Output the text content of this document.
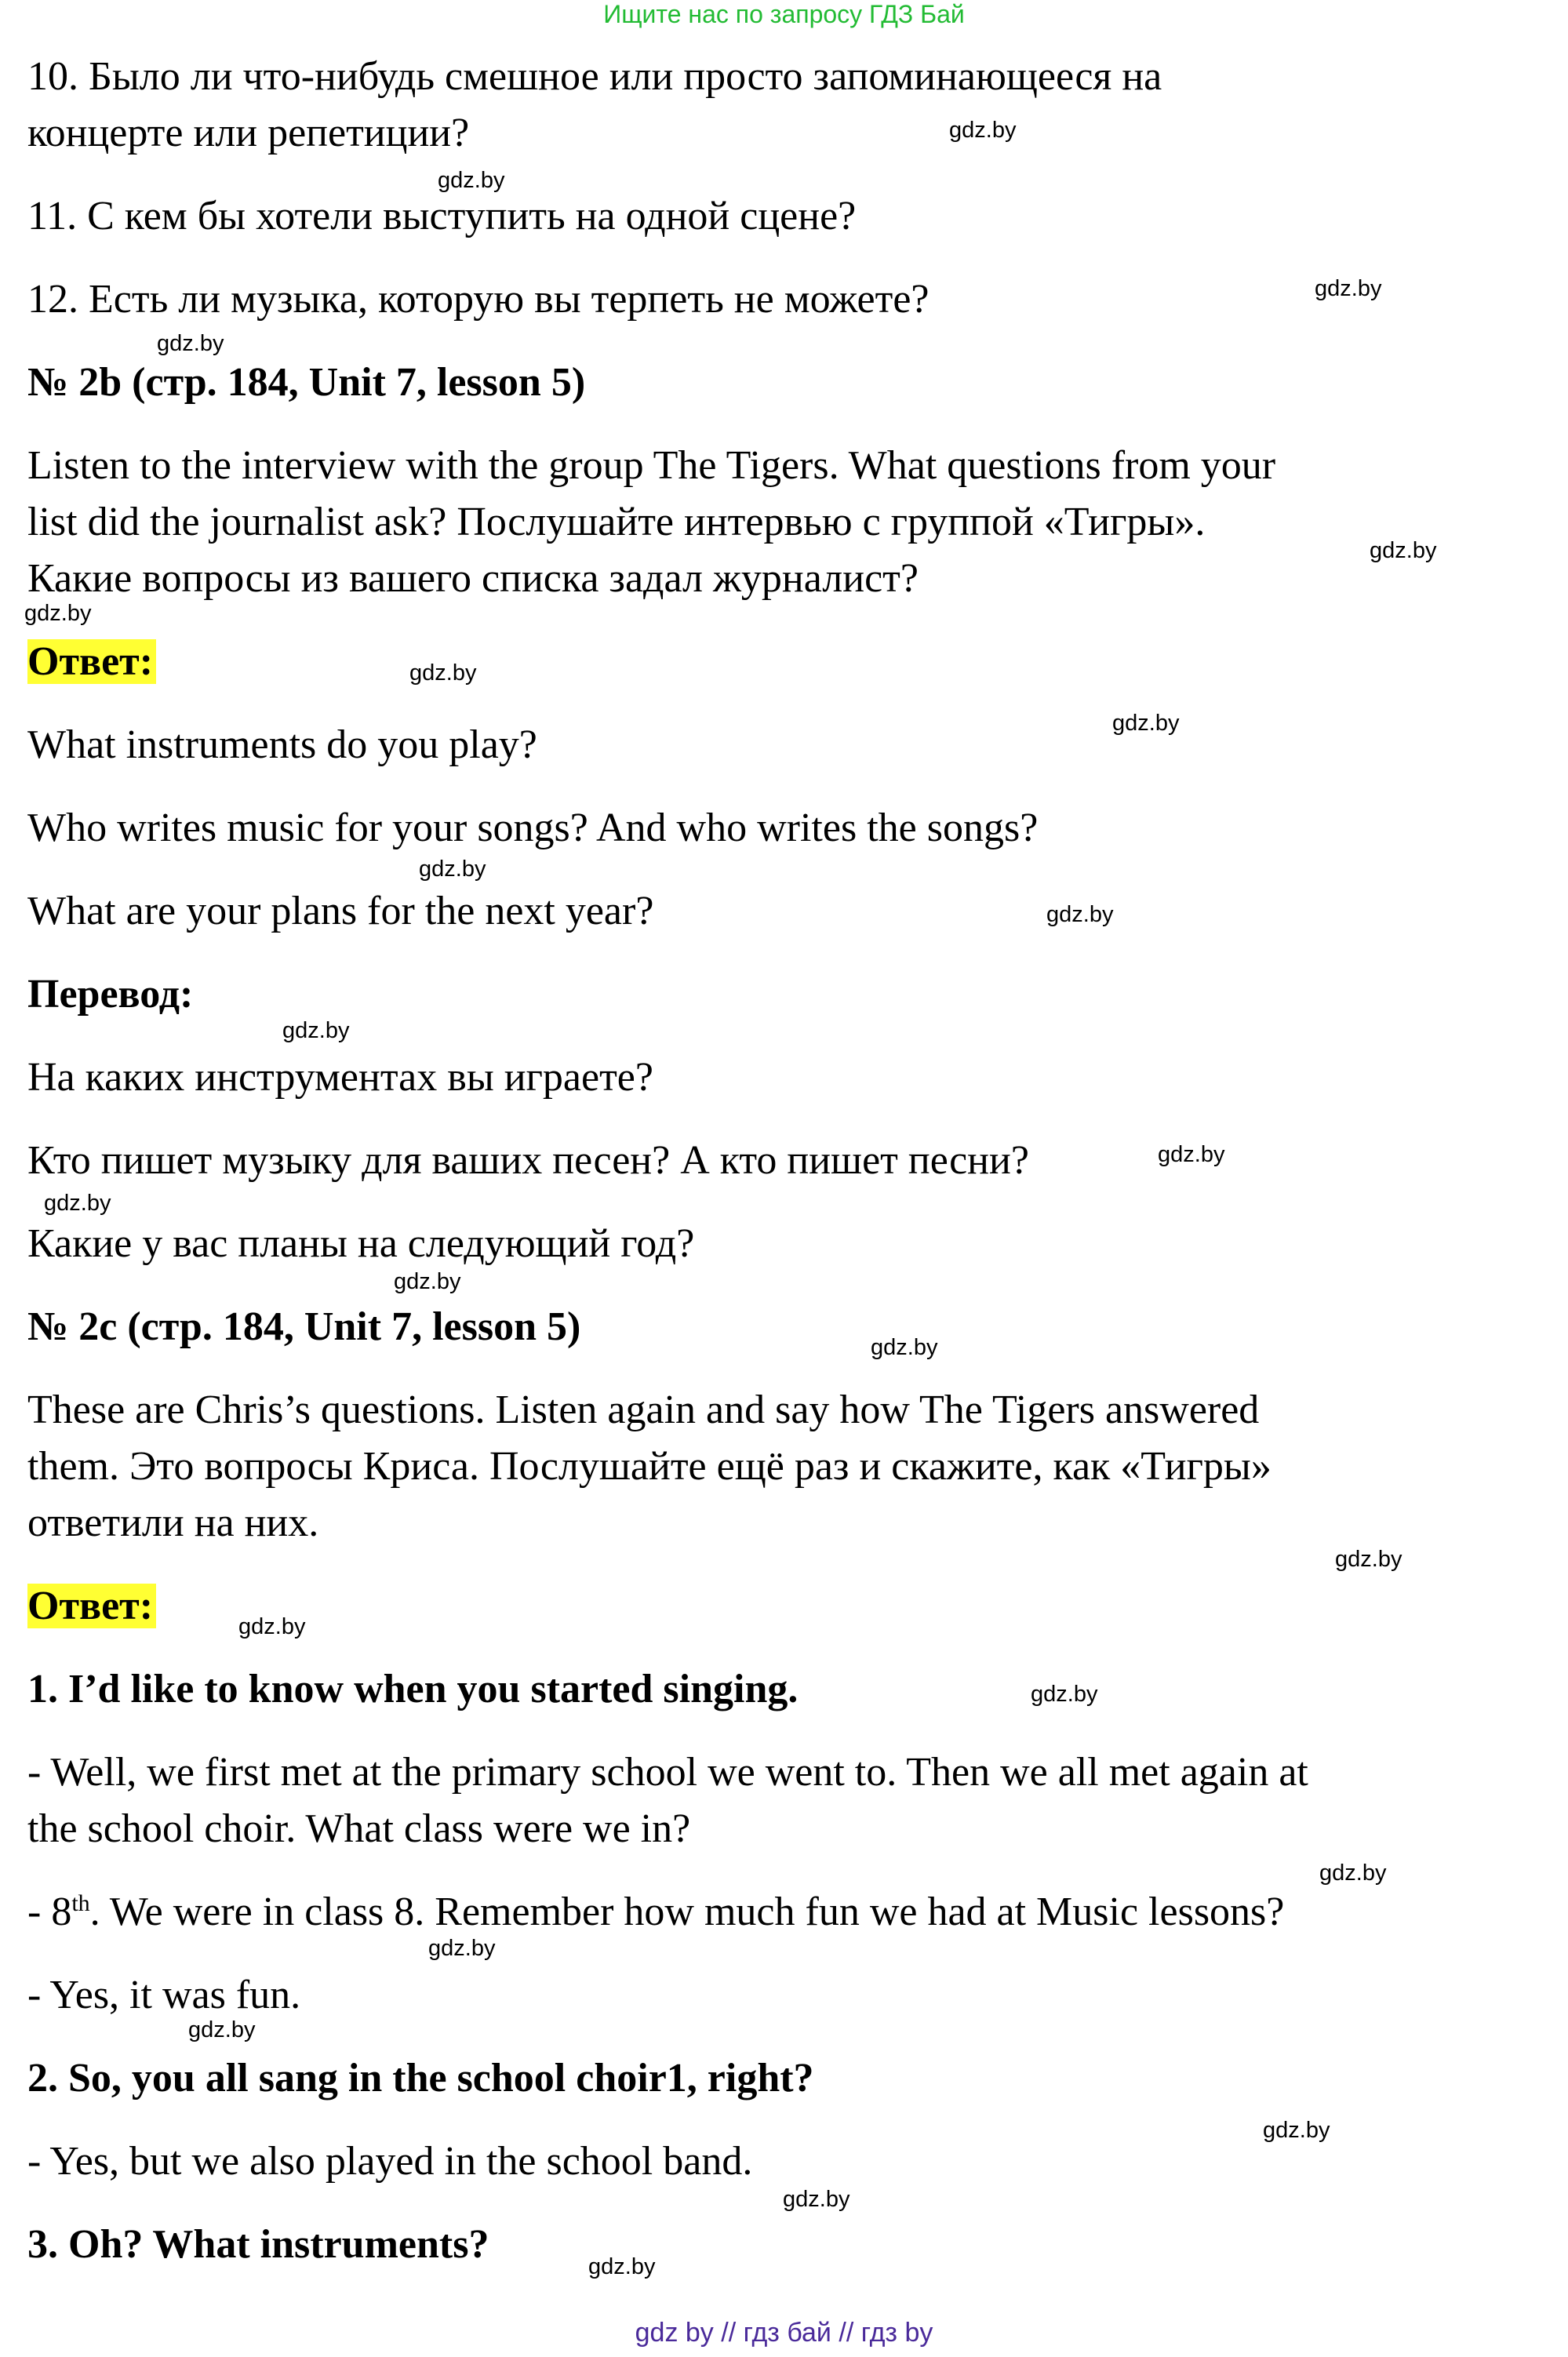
Ищите нас по запросу ГДЗ Бай
10. Было ли что-нибудь смешное или просто запоминающееся на
концерте или репетиции?
11. С кем бы хотели выступить на одной сцене?
12. Есть ли музыка, которую вы терпеть не можете?
№ 2b (стр. 184, Unit 7, lesson 5)
Listen to the interview with the group The Tigers. What questions from your
list did the journalist ask? Послушайте интервью с группой «Тигры».
Какие вопросы из вашего списка задал журналист?
Ответ:
What instruments do you play?
Who writes music for your songs? And who writes the songs?
What are your plans for the next year?
Перевод:
На каких инструментах вы играете?
Кто пишет музыку для ваших песен? А кто пишет песни?
Какие у вас планы на следующий год?
№ 2c (стр. 184, Unit 7, lesson 5)
These are Chris’s questions. Listen again and say how The Tigers answered
them. Это вопросы Криса. Послушайте ещё раз и скажите, как «Тигры»
ответили на них.
Ответ:
1. I’d like to know when you started singing.
- Well, we first met at the primary school we went to. Then we all met again at
the school choir. What class were we in?
- 8th. We were in class 8. Remember how much fun we had at Music lessons?
- Yes, it was fun.
2. So, you all sang in the school choir1, right?
- Yes, but we also played in the school band.
3. Oh? What instruments?
gdz.by
gdz.by
gdz.by
gdz.by
gdz.by
gdz.by
gdz.by
gdz.by
gdz.by
gdz.by
gdz.by
gdz.by
gdz.by
gdz.by
gdz.by
gdz.by
gdz.by
gdz.by
gdz.by
gdz.by
gdz.by
gdz.by
gdz.by
gdz.by
gdz by // гдз бай // гдз by
